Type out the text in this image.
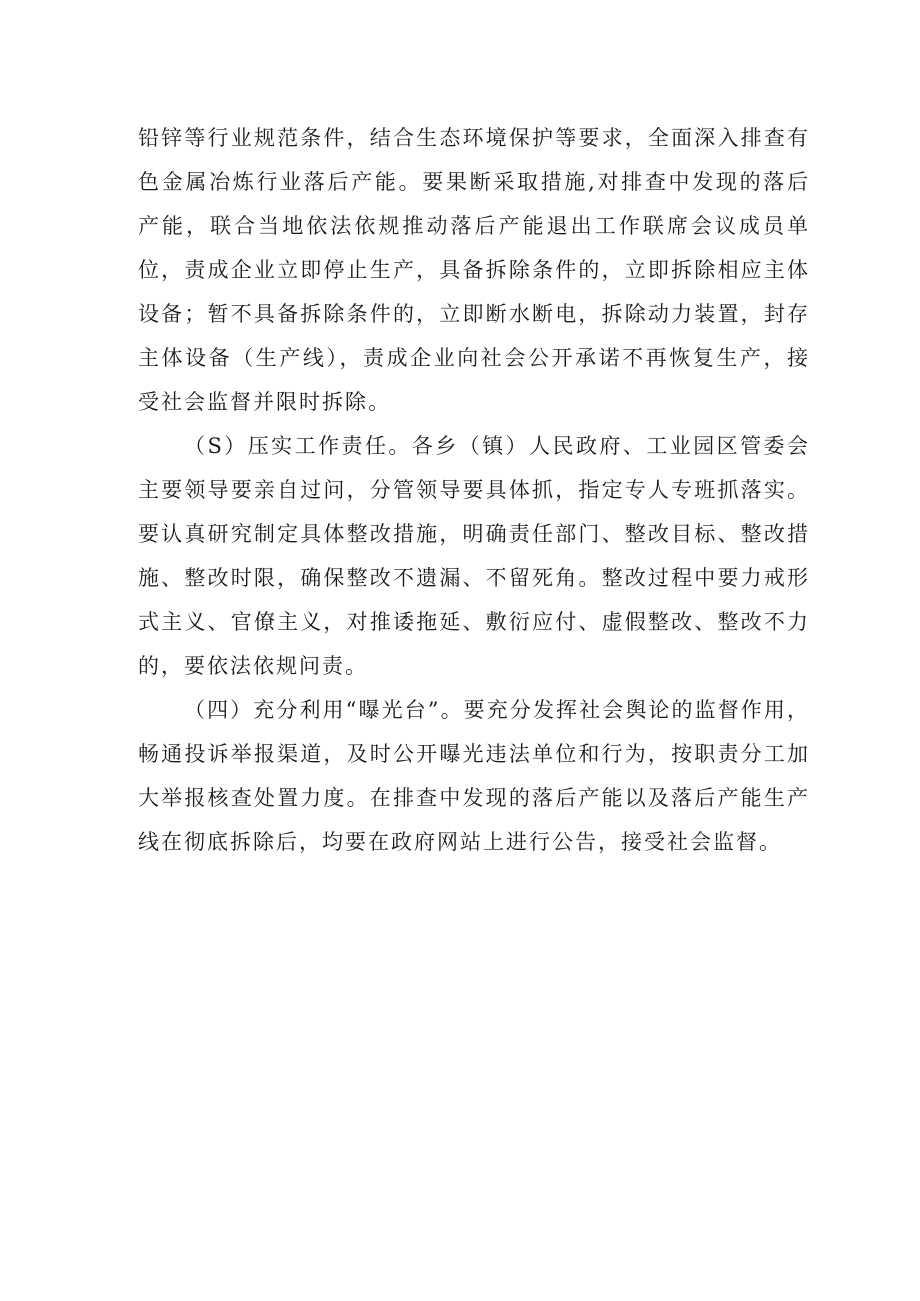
铅锌等行业规范条件，结合生态环境保护等要求，全面深入排查有色金属冶炼行业落后产能。要果断采取措施,对排查中发现的落后产能，联合当地依法依规推动落后产能退出工作联席会议成员单位，责成企业立即停止生产，具备拆除条件的，立即拆除相应主体设备；暂不具备拆除条件的，立即断水断电，拆除动力装置，封存主体设备（生产线），责成企业向社会公开承诺不再恢复生产，接受社会监督并限时拆除。

（S）压实工作责任。各乡（镇）人民政府、工业园区管委会主要领导要亲自过问，分管领导要具体抓，指定专人专班抓落实。要认真研究制定具体整改措施，明确责任部门、整改目标、整改措施、整改时限，确保整改不遗漏、不留死角。整改过程中要力戒形式主义、官僚主义，对推诿拖延、敷衍应付、虚假整改、整改不力的，要依法依规问责。

（四）充分利用“曝光台”。要充分发挥社会舆论的监督作用，畅通投诉举报渠道，及时公开曝光违法单位和行为，按职责分工加大举报核查处置力度。在排查中发现的落后产能以及落后产能生产线在彻底拆除后，均要在政府网站上进行公告，接受社会监督。
